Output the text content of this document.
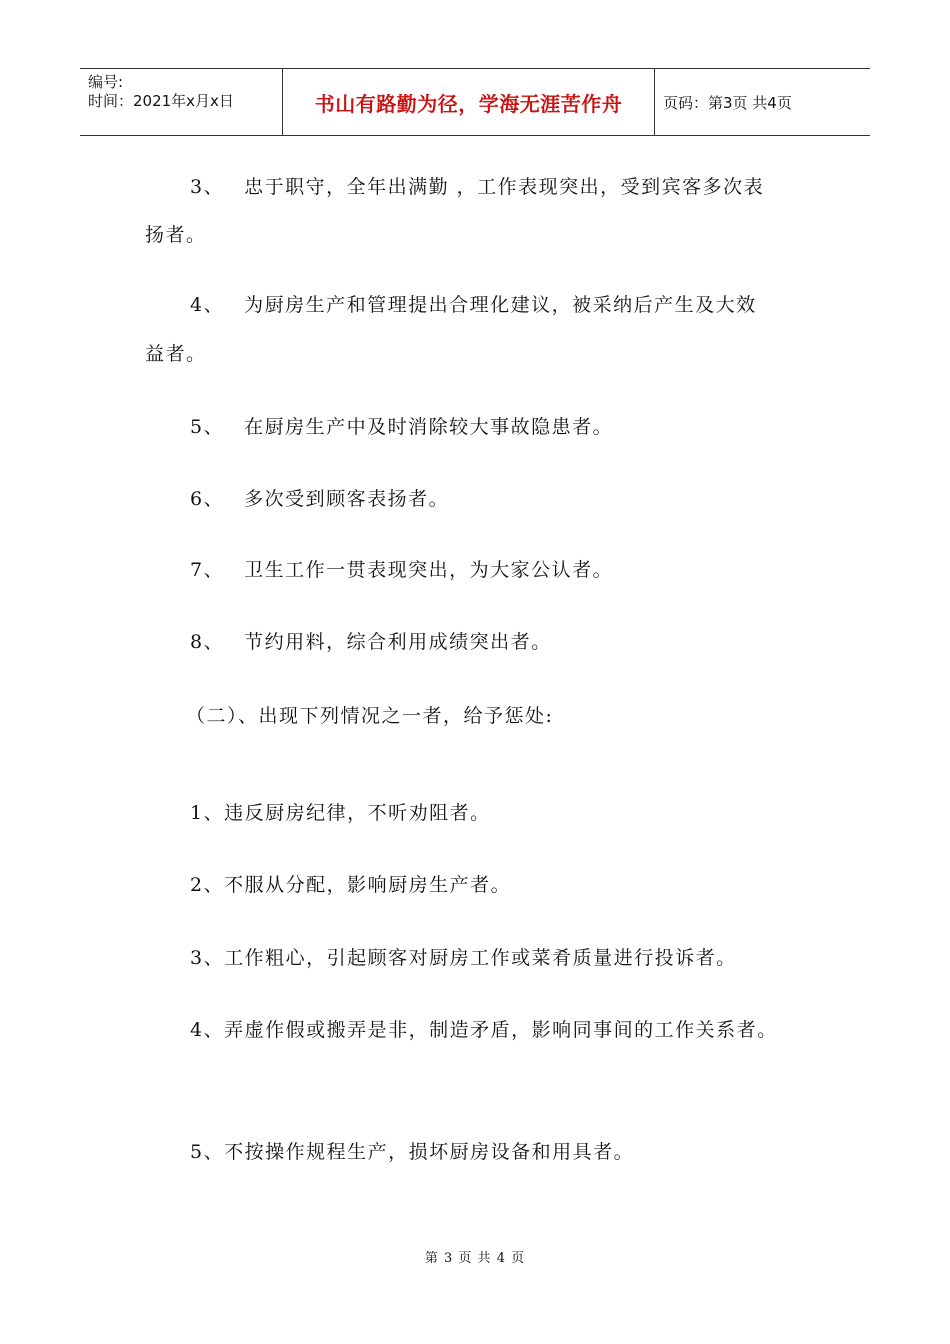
编号:
时间：2021年x月x日	书山有路勤为径，学海无涯苦作舟	页码：第3页 共4页
3、 忠于职守，全年出满勤 ，工作表现突出，受到宾客多次表
扬者。
4、 为厨房生产和管理提出合理化建议，被采纳后产生及大效
益者。
5、 在厨房生产中及时消除较大事故隐患者。
6、 多次受到顾客表扬者。
7、 卫生工作一贯表现突出，为大家公认者。
8、 节约用料，综合利用成绩突出者。
（二）、出现下列情况之一者，给予惩处:
1、违反厨房纪律，不听劝阻者。
2、不服从分配，影响厨房生产者。
3、工作粗心，引起顾客对厨房工作或菜肴质量进行投诉者。
4、弄虚作假或搬弄是非，制造矛盾，影响同事间的工作关系者。
5、不按操作规程生产，损坏厨房设备和用具者。
第 3 页 共 4 页
